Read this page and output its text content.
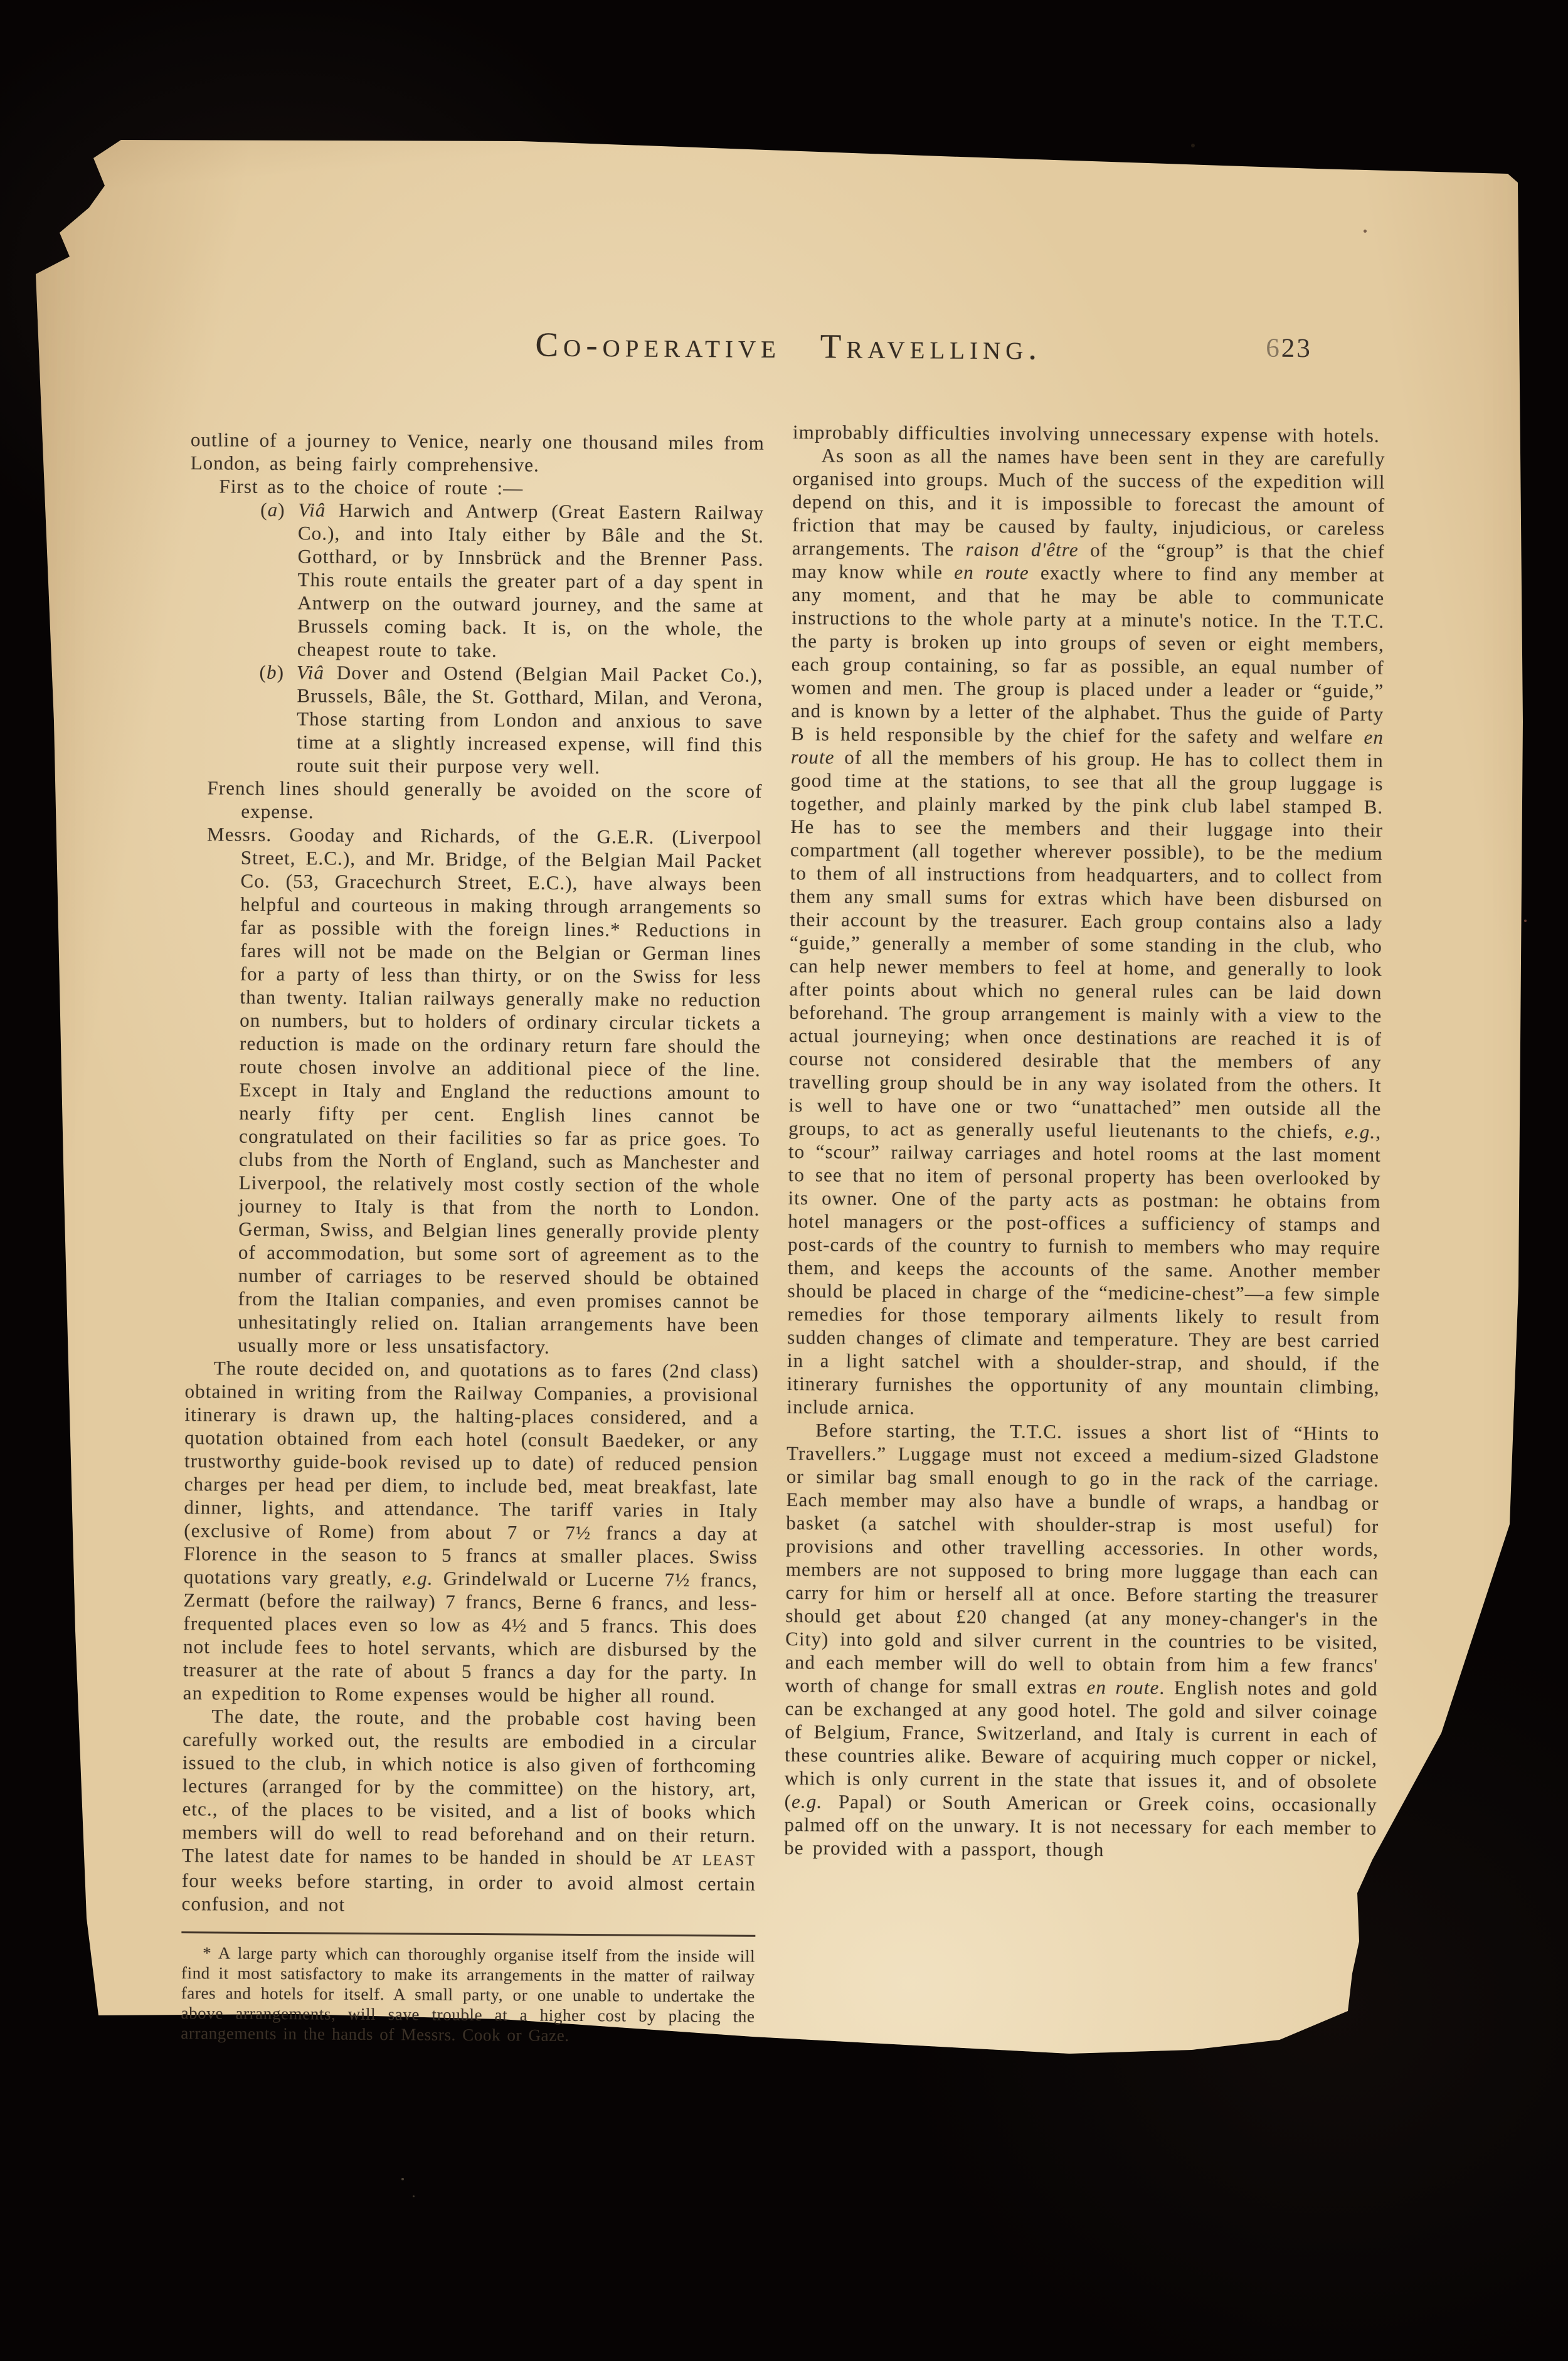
Co-operative Travelling.	623

outline of a journey to Venice, nearly one thousand miles from London, as being fairly comprehensive.

First as to the choice of route :—

(a) Viâ Harwich and Antwerp (Great Eastern Railway Co.), and into Italy either by Bâle and the St. Gotthard, or by Innsbrück and the Brenner Pass. This route entails the greater part of a day spent in Antwerp on the outward journey, and the same at Brussels coming back. It is, on the whole, the cheapest route to take.

(b) Viâ Dover and Ostend (Belgian Mail Packet Co.), Brussels, Bâle, the St. Gotthard, Milan, and Verona, Those starting from London and anxious to save time at a slightly increased expense, will find this route suit their purpose very well.

French lines should generally be avoided on the score of expense.

Messrs. Gooday and Richards, of the G.E.R. (Liverpool Street, E.C.), and Mr. Bridge, of the Belgian Mail Packet Co. (53, Gracechurch Street, E.C.), have always been helpful and courteous in making through arrangements so far as possible with the foreign lines.* Reductions in fares will not be made on the Belgian or German lines for a party of less than thirty, or on the Swiss for less than twenty. Italian railways generally make no reduction on numbers, but to holders of ordinary circular tickets a reduction is made on the ordinary return fare should the route chosen involve an additional piece of the line. Except in Italy and England the reductions amount to nearly fifty per cent. English lines cannot be congratulated on their facilities so far as price goes. To clubs from the North of England, such as Manchester and Liverpool, the relatively most costly section of the whole journey to Italy is that from the north to London. German, Swiss, and Belgian lines generally provide plenty of accommodation, but some sort of agreement as to the number of carriages to be reserved should be obtained from the Italian companies, and even promises cannot be unhesitatingly relied on. Italian arrangements have been usually more or less unsatisfactory.

The route decided on, and quotations as to fares (2nd class) obtained in writing from the Railway Companies, a provisional itinerary is drawn up, the halting-places considered, and a quotation obtained from each hotel (consult Baedeker, or any trustworthy guide-book revised up to date) of reduced pension charges per head per diem, to include bed, meat breakfast, late dinner, lights, and attendance. The tariff varies in Italy (exclusive of Rome) from about 7 or 7½ francs a day at Florence in the season to 5 francs at smaller places. Swiss quotations vary greatly, e.g. Grindelwald or Lucerne 7½ francs, Zermatt (before the railway) 7 francs, Berne 6 francs, and less-frequented places even so low as 4½ and 5 francs. This does not include fees to hotel servants, which are disbursed by the treasurer at the rate of about 5 francs a day for the party. In an expedition to Rome expenses would be higher all round.

The date, the route, and the probable cost having been carefully worked out, the results are embodied in a circular issued to the club, in which notice is also given of forthcoming lectures (arranged for by the committee) on the history, art, etc., of the places to be visited, and a list of books which members will do well to read beforehand and on their return. The latest date for names to be handed in should be AT LEAST four weeks before starting, in order to avoid almost certain confusion, and not

* A large party which can thoroughly organise itself from the inside will find it most satisfactory to make its arrangements in the matter of railway fares and hotels for itself. A small party, or one unable to undertake the above arrangements, will save trouble at a higher cost by placing the arrangements in the hands of Messrs. Cook or Gaze.

improbably difficulties involving unnecessary expense with hotels.

As soon as all the names have been sent in they are carefully organised into groups. Much of the success of the expedition will depend on this, and it is impossible to forecast the amount of friction that may be caused by faulty, injudicious, or careless arrangements. The raison d'être of the “group” is that the chief may know while en route exactly where to find any member at any moment, and that he may be able to communicate instructions to the whole party at a minute's notice. In the T.T.C. the party is broken up into groups of seven or eight members, each group containing, so far as possible, an equal number of women and men. The group is placed under a leader or “guide,” and is known by a letter of the alphabet. Thus the guide of Party B is held responsible by the chief for the safety and welfare en route of all the members of his group. He has to collect them in good time at the stations, to see that all the group luggage is together, and plainly marked by the pink club label stamped B. He has to see the members and their luggage into their compartment (all together wherever possible), to be the medium to them of all instructions from headquarters, and to collect from them any small sums for extras which have been disbursed on their account by the treasurer. Each group contains also a lady “guide,” generally a member of some standing in the club, who can help newer members to feel at home, and generally to look after points about which no general rules can be laid down beforehand. The group arrangement is mainly with a view to the actual journeying; when once destinations are reached it is of course not considered desirable that the members of any travelling group should be in any way isolated from the others. It is well to have one or two “unattached” men outside all the groups, to act as generally useful lieutenants to the chiefs, e.g., to “scour” railway carriages and hotel rooms at the last moment to see that no item of personal property has been overlooked by its owner. One of the party acts as postman: he obtains from hotel managers or the post-offices a sufficiency of stamps and post-cards of the country to furnish to members who may require them, and keeps the accounts of the same. Another member should be placed in charge of the “medicine-chest”—a few simple remedies for those temporary ailments likely to result from sudden changes of climate and temperature. They are best carried in a light satchel with a shoulder-strap, and should, if the itinerary furnishes the opportunity of any mountain climbing, include arnica.

Before starting, the T.T.C. issues a short list of “Hints to Travellers.” Luggage must not exceed a medium-sized Gladstone or similar bag small enough to go in the rack of the carriage. Each member may also have a bundle of wraps, a handbag or basket (a satchel with shoulder-strap is most useful) for provisions and other travelling accessories. In other words, members are not supposed to bring more luggage than each can carry for him or herself all at once. Before starting the treasurer should get about £20 changed (at any money-changer's in the City) into gold and silver current in the countries to be visited, and each member will do well to obtain from him a few francs' worth of change for small extras en route. English notes and gold can be exchanged at any good hotel. The gold and silver coinage of Belgium, France, Switzerland, and Italy is current in each of these countries alike. Beware of acquiring much copper or nickel, which is only current in the state that issues it, and of obsolete (e.g. Papal) or South American or Greek coins, occasionally palmed off on the unwary. It is not necessary for each member to be provided with a passport, though
